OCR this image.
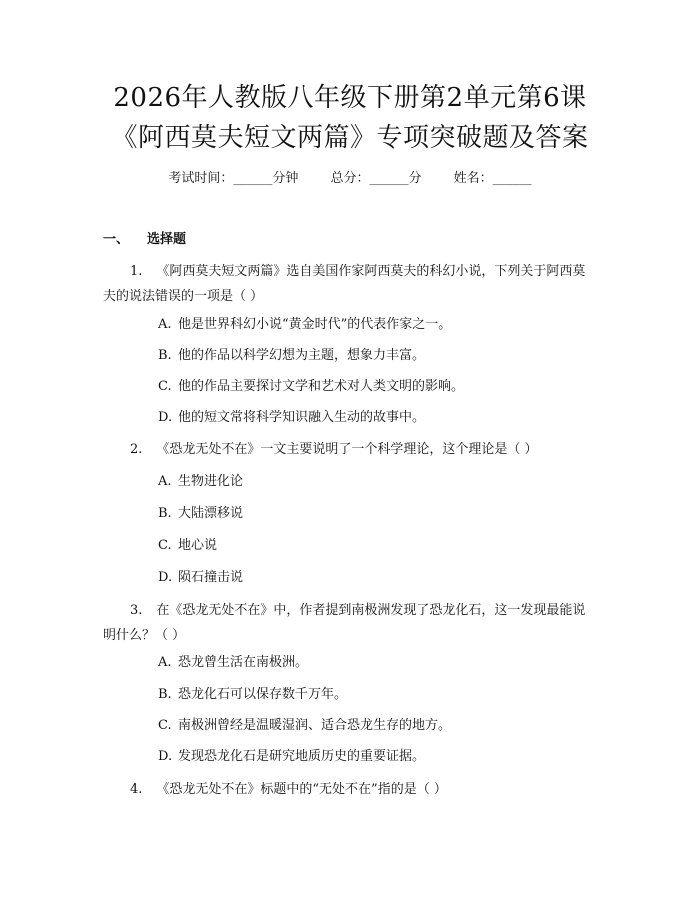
2026年人教版八年级下册第2单元第6课
《阿西莫夫短文两篇》专项突破题及答案
考试时间：______分钟 总分：______分 姓名：______
一、 选择题
1. 《阿西莫夫短文两篇》选自美国作家阿西莫夫的科幻小说，下列关于阿西莫夫的说法错误的一项是（ ）
A. 他是世界科幻小说“黄金时代”的代表作家之一。
B. 他的作品以科学幻想为主题，想象力丰富。
C. 他的作品主要探讨文学和艺术对人类文明的影响。
D. 他的短文常将科学知识融入生动的故事中。
2. 《恐龙无处不在》一文主要说明了一个科学理论，这个理论是（ ）
A. 生物进化论
B. 大陆漂移说
C. 地心说
D. 陨石撞击说
3. 在《恐龙无处不在》中，作者提到南极洲发现了恐龙化石，这一发现最能说明什么？（ ）
A. 恐龙曾生活在南极洲。
B. 恐龙化石可以保存数千万年。
C. 南极洲曾经是温暖湿润、适合恐龙生存的地方。
D. 发现恐龙化石是研究地质历史的重要证据。
4. 《恐龙无处不在》标题中的“无处不在”指的是（ ）
